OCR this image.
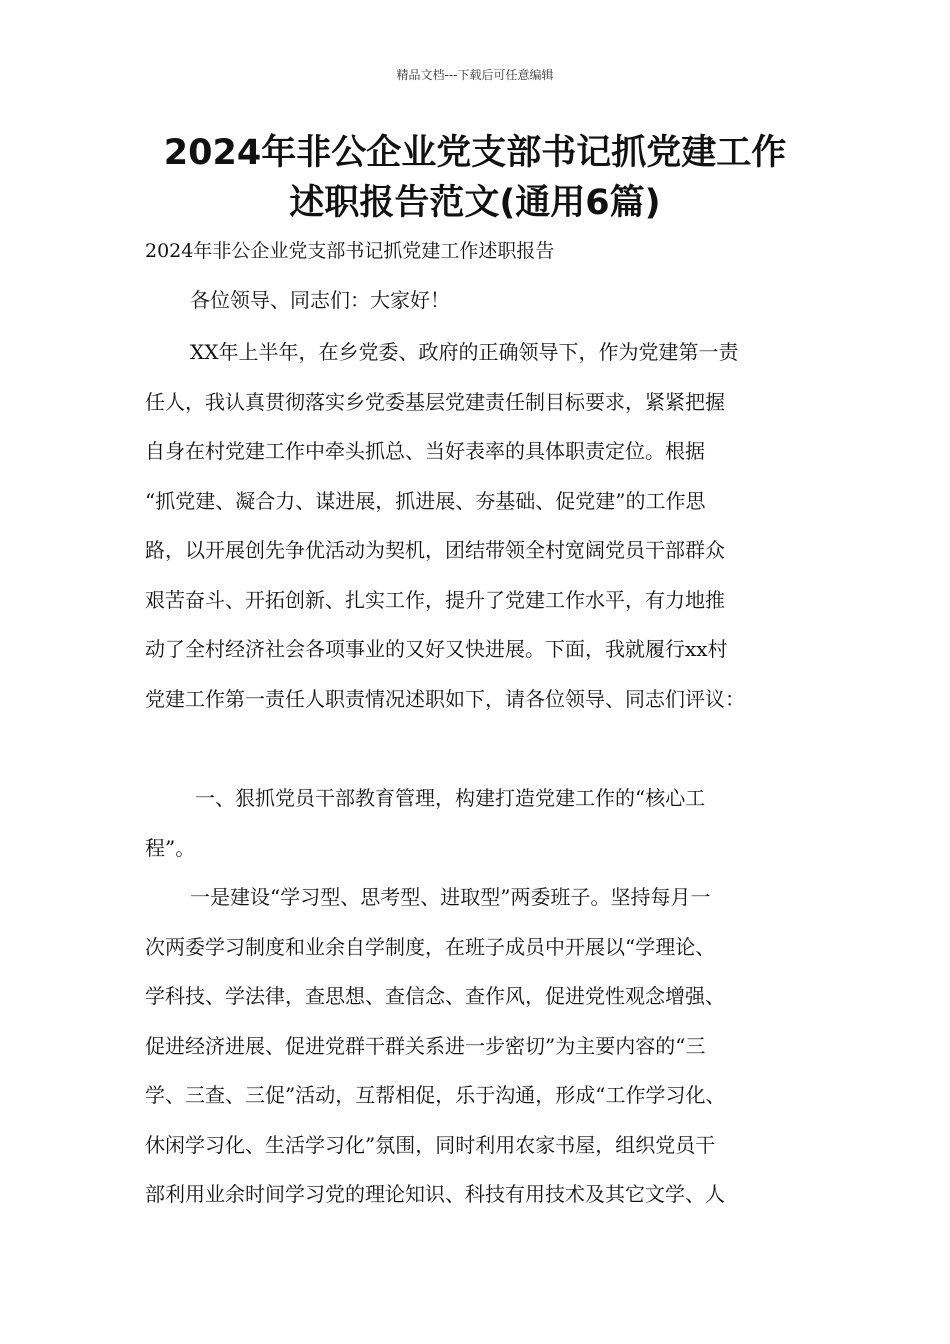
精品文档---下载后可任意编辑
2024年非公企业党支部书记抓党建工作
述职报告范文(通用6篇)
2024年非公企业党支部书记抓党建工作述职报告
各位领导、同志们：大家好！
XX年上半年，在乡党委、政府的正确领导下，作为党建第一责
任人，我认真贯彻落实乡党委基层党建责任制目标要求，紧紧把握
自身在村党建工作中牵头抓总、当好表率的具体职责定位。根据
“抓党建、凝合力、谋进展，抓进展、夯基础、促党建”的工作思
路，以开展创先争优活动为契机，团结带领全村宽阔党员干部群众
艰苦奋斗、开拓创新、扎实工作，提升了党建工作水平，有力地推
动了全村经济社会各项事业的又好又快进展。下面，我就履行xx村
党建工作第一责任人职责情况述职如下，请各位领导、同志们评议：
一、狠抓党员干部教育管理，构建打造党建工作的“核心工
程”。
一是建设“学习型、思考型、进取型”两委班子。坚持每月一
次两委学习制度和业余自学制度，在班子成员中开展以“学理论、
学科技、学法律，查思想、查信念、查作风，促进党性观念增强、
促进经济进展、促进党群干群关系进一步密切”为主要内容的“三
学、三查、三促”活动，互帮相促，乐于沟通，形成“工作学习化、
休闲学习化、生活学习化”氛围，同时利用农家书屋，组织党员干
部利用业余时间学习党的理论知识、科技有用技术及其它文学、人
